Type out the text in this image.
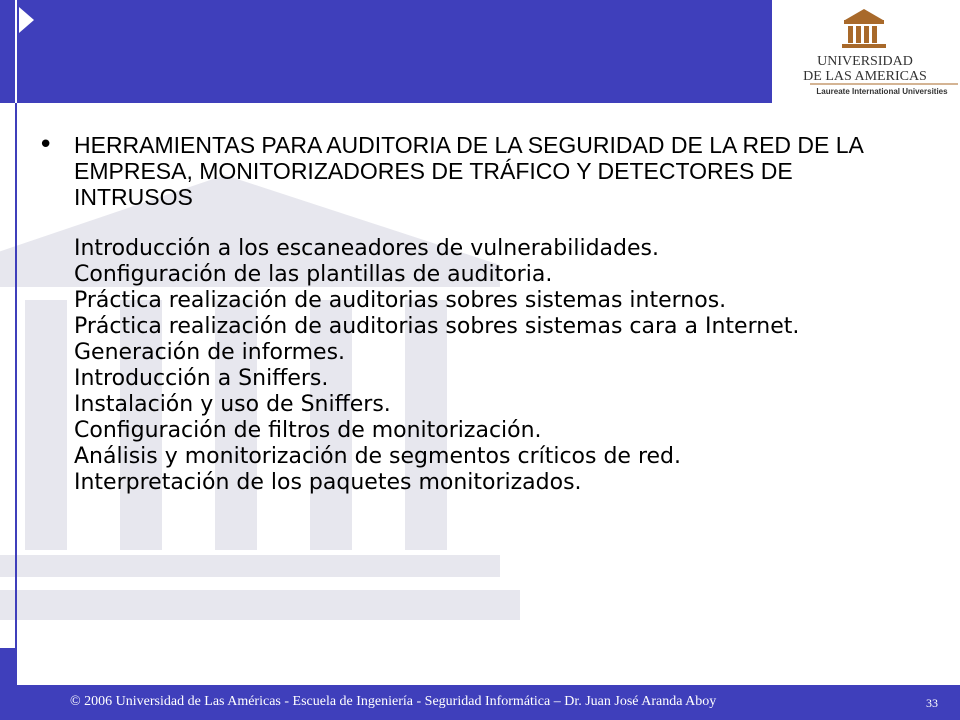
UNIVERSIDAD
DE LAS AMERICAS
Laureate International Universities
• HERRAMIENTAS PARA AUDITORIA DE LA SEGURIDAD DE LA RED DE LA EMPRESA, MONITORIZADORES DE TRÁFICO Y DETECTORES DE INTRUSOS
Introducción a los escaneadores de vulnerabilidades.
Configuración de las plantillas de auditoria.
Práctica realización de auditorias sobres sistemas internos.
Práctica realización de auditorias sobres sistemas cara a Internet.
Generación de informes.
Introducción a Sniffers.
Instalación y uso de Sniffers.
Configuración de filtros de monitorización.
Análisis y monitorización de segmentos críticos de red.
Interpretación de los paquetes monitorizados.
© 2006 Universidad de Las Américas - Escuela de Ingeniería - Seguridad Informática – Dr. Juan José Aranda Aboy	33
